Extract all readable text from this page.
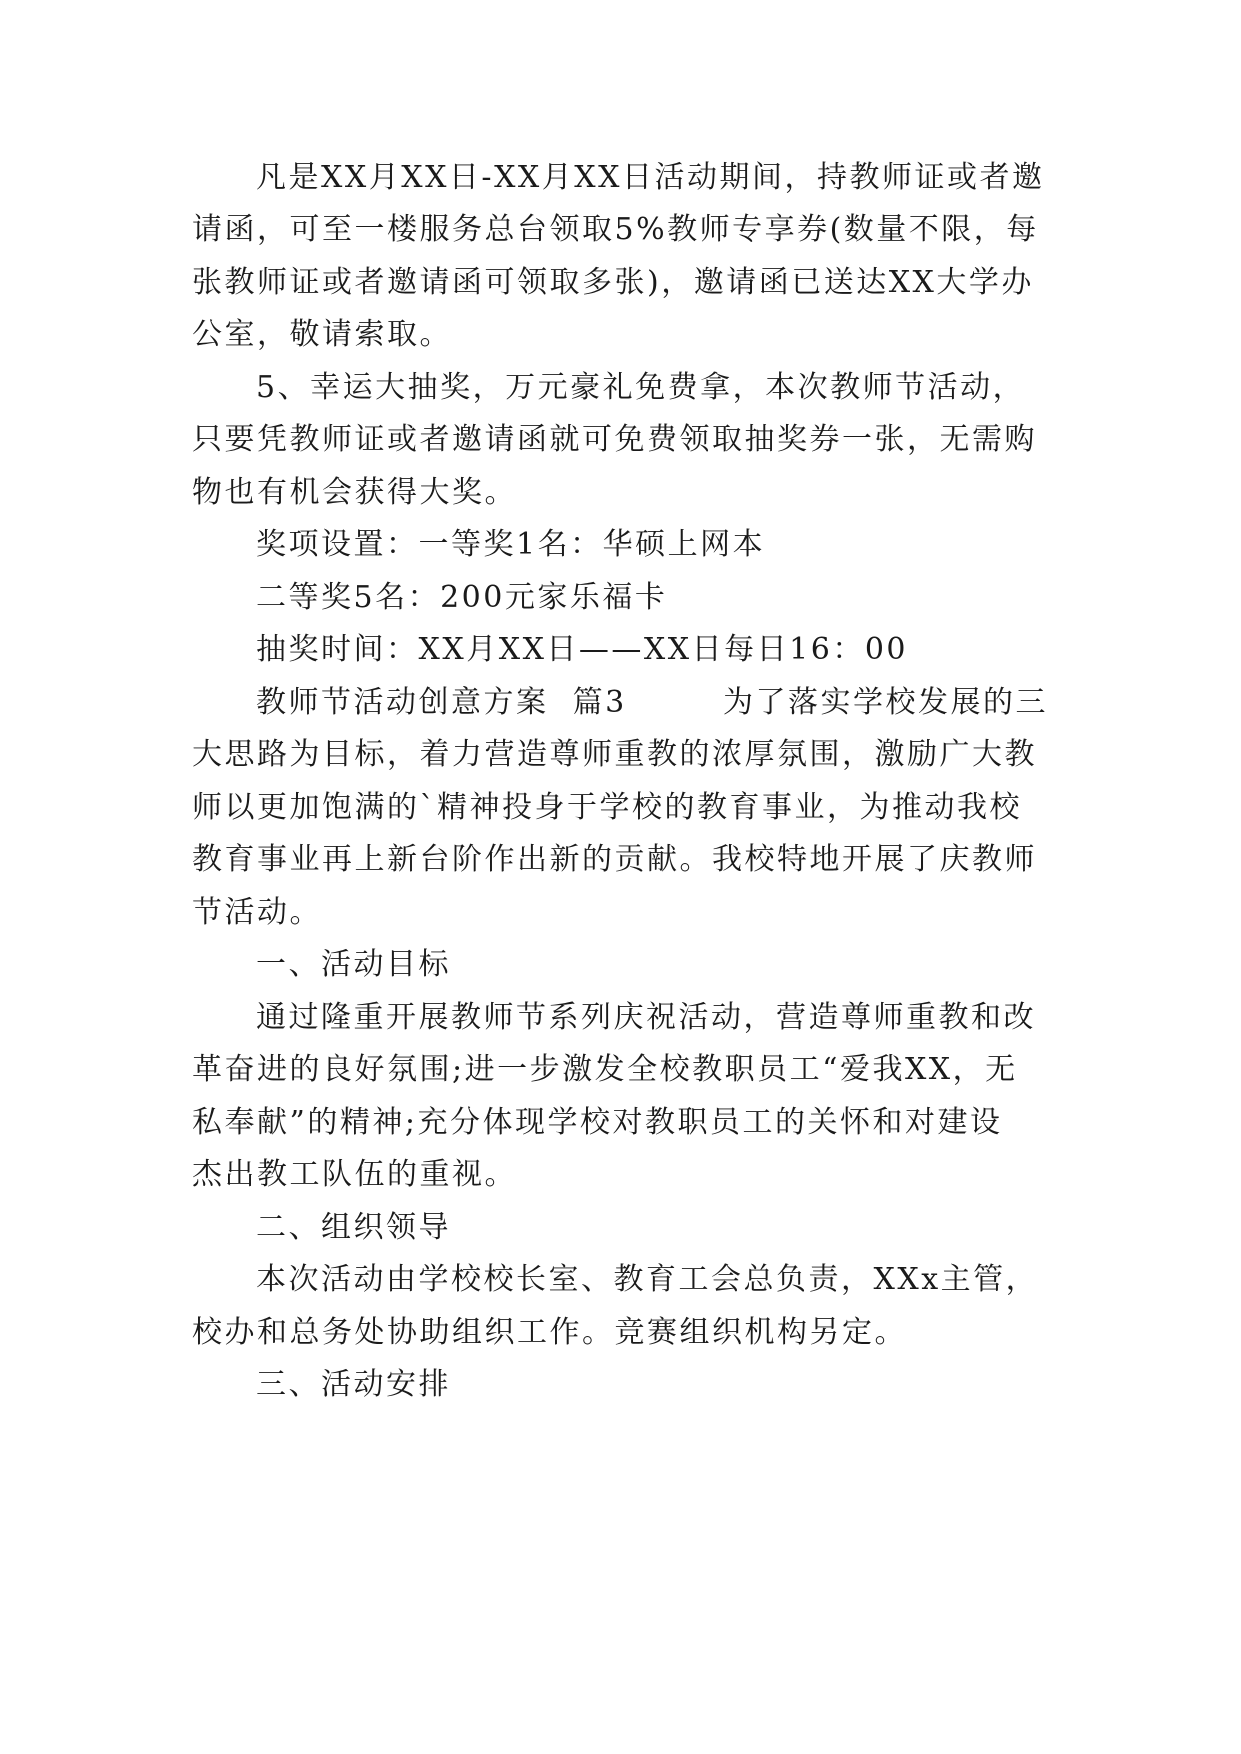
凡是XX月XX日-XX月XX日活动期间，持教师证或者邀
请函，可至一楼服务总台领取5%教师专享券(数量不限，每
张教师证或者邀请函可领取多张)，邀请函已送达XX大学办
公室，敬请索取。
5、幸运大抽奖，万元豪礼免费拿，本次教师节活动，
只要凭教师证或者邀请函就可免费领取抽奖券一张，无需购
物也有机会获得大奖。
奖项设置：一等奖1名：华硕上网本
二等奖5名：200元家乐福卡
抽奖时间：XX月XX日——XX日每日16：00
教师节活动创意方案  篇3        为了落实学校发展的三
大思路为目标，着力营造尊师重教的浓厚氛围，激励广大教
师以更加饱满的`精神投身于学校的教育事业，为推动我校
教育事业再上新台阶作出新的贡献。我校特地开展了庆教师
节活动。
一、活动目标
通过隆重开展教师节系列庆祝活动，营造尊师重教和改
革奋进的良好氛围;进一步激发全校教职员工“爱我XX，无
私奉献”的精神;充分体现学校对教职员工的关怀和对建设
杰出教工队伍的重视。
二、组织领导
本次活动由学校校长室、教育工会总负责，XXx主管，
校办和总务处协助组织工作。竞赛组织机构另定。
三、活动安排
